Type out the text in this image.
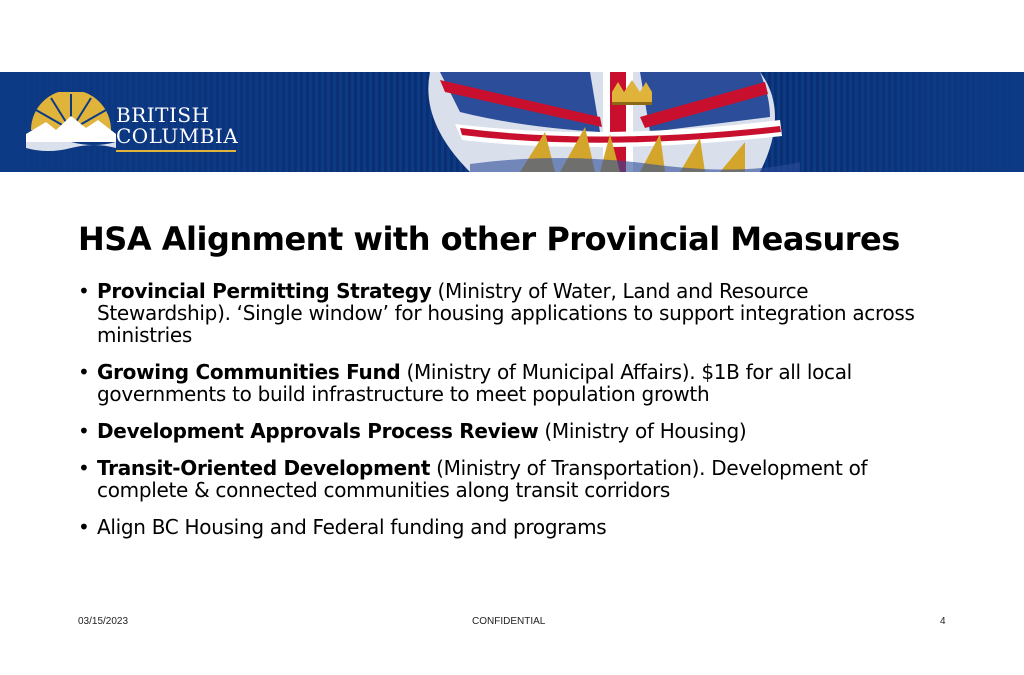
BRITISH
COLUMBIA
HSA Alignment with other Provincial Measures
• Provincial Permitting Strategy (Ministry of Water, Land and Resource Stewardship). ‘Single window’ for housing applications to support integration across ministries
• Growing Communities Fund (Ministry of Municipal Affairs). $1B for all local governments to build infrastructure to meet population growth
• Development Approvals Process Review (Ministry of Housing)
• Transit-Oriented Development (Ministry of Transportation). Development of complete & connected communities along transit corridors
• Align BC Housing and Federal funding and programs
03/15/2023	CONFIDENTIAL	4
